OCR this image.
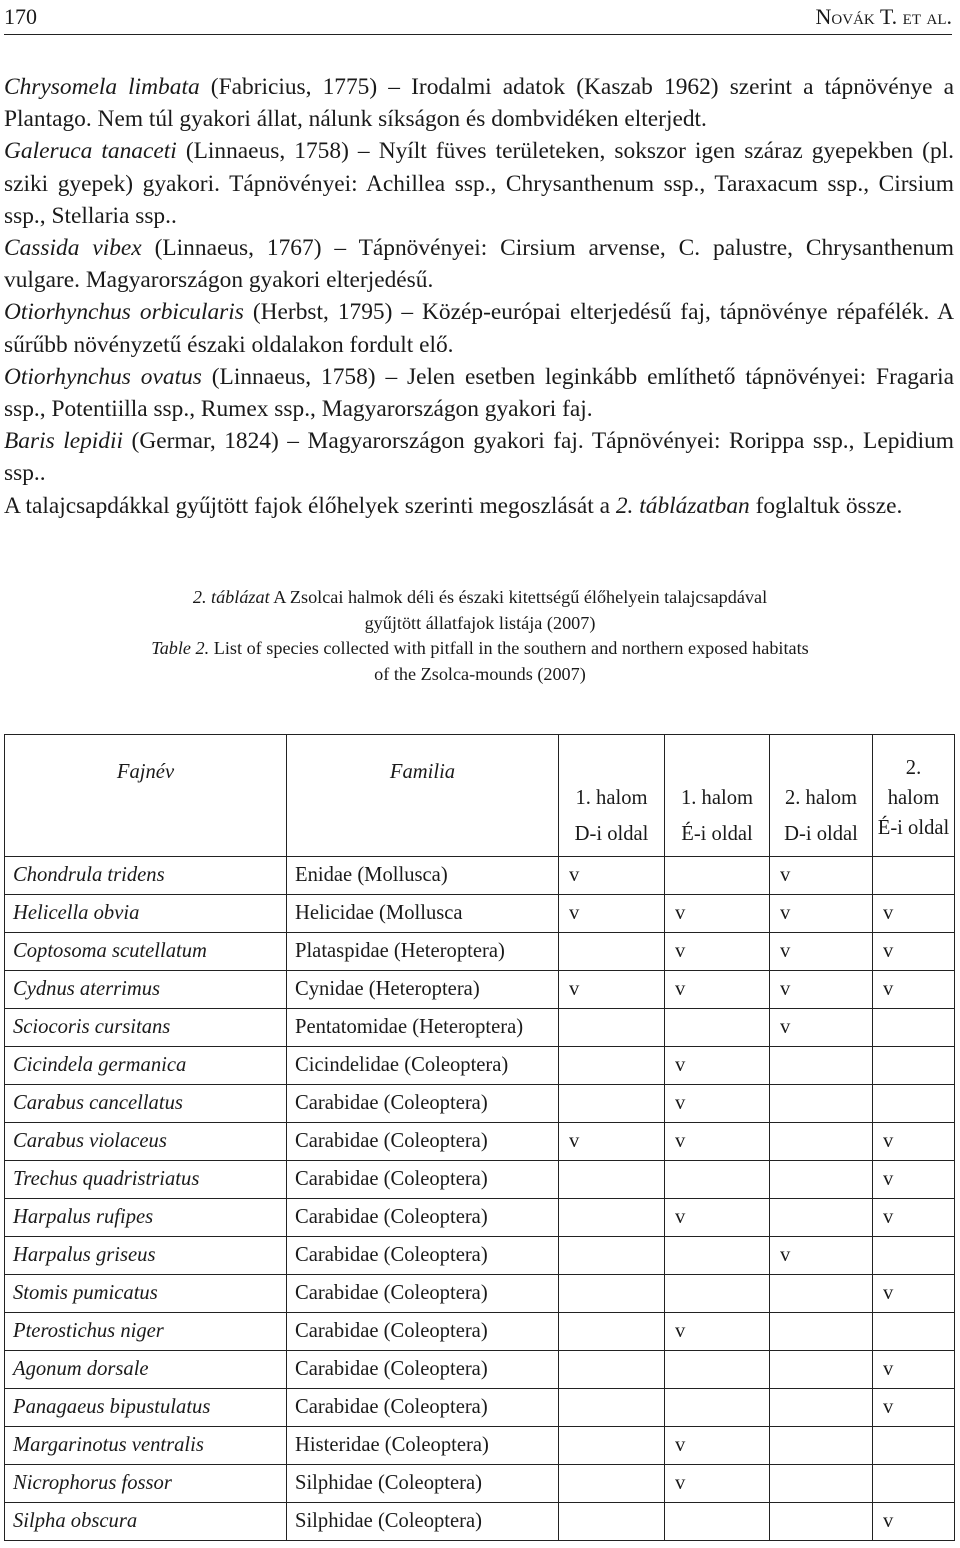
170	Novák T. et al.

Chrysomela limbata (Fabricius, 1775) – Irodalmi adatok (Kaszab 1962) szerint a tápnövénye a Plantago. Nem túl gyakori állat, nálunk síkságon és dombvidéken elterjedt.

Galeruca tanaceti (Linnaeus, 1758) – Nyílt füves területeken, sokszor igen száraz gyepekben (pl. sziki gyepek) gyakori. Tápnövényei: Achillea ssp., Chrysanthenum ssp., Taraxacum ssp., Cirsium ssp., Stellaria ssp..

Cassida vibex (Linnaeus, 1767) – Tápnövényei: Cirsium arvense, C. palustre, Chrysanthenum vulgare. Magyarországon gyakori elterjedésű.

Otiorhynchus orbicularis (Herbst, 1795) – Közép-európai elterjedésű faj, tápnövénye répafélék. A sűrűbb növényzetű északi oldalakon fordult elő.

Otiorhynchus ovatus (Linnaeus, 1758) – Jelen esetben leginkább említhető tápnövényei: Fragaria ssp., Potentiilla ssp., Rumex ssp., Magyarországon gyakori faj.

Baris lepidii (Germar, 1824) – Magyarországon gyakori faj. Tápnövényei: Rorippa ssp., Lepidium ssp..

A talajcsapdákkal gyűjtött fajok élőhelyek szerinti megoszlását a 2. táblázatban foglaltuk össze.

2. táblázat A Zsolcai halmok déli és északi kitettségű élőhelyein talajcsapdával
gyűjtött állatfajok listája (2007)
Table 2. List of species collected with pitfall in the southern and northern exposed habitats
of the Zsolca-mounds (2007)
Fajnév	Familia	1. halom	1. halom	2. halom	2. halom
		D-i oldal	É-i oldal	D-i oldal	É-i oldal

Chondrula tridens	Enidae (Mollusca)	v		v	
Helicella obvia	Helicidae (Mollusca	v	v	v	v
Coptosoma scutellatum	Plataspidae (Heteroptera)		v	v	v
Cydnus aterrimus	Cynidae (Heteroptera)	v	v	v	v
Sciocoris cursitans	Pentatomidae (Heteroptera)			v	
Cicindela germanica	Cicindelidae (Coleoptera)		v		
Carabus cancellatus	Carabidae (Coleoptera)		v		
Carabus violaceus	Carabidae (Coleoptera)	v	v		v
Trechus quadristriatus	Carabidae (Coleoptera)				v
Harpalus rufipes	Carabidae (Coleoptera)		v		v
Harpalus griseus	Carabidae (Coleoptera)			v	
Stomis pumicatus	Carabidae (Coleoptera)				v
Pterostichus niger	Carabidae (Coleoptera)		v		
Agonum dorsale	Carabidae (Coleoptera)				v
Panagaeus bipustulatus	Carabidae (Coleoptera)				v
Margarinotus ventralis	Histeridae (Coleoptera)		v		
Nicrophorus fossor	Silphidae (Coleoptera)		v		
Silpha obscura	Silphidae (Coleoptera)				v
